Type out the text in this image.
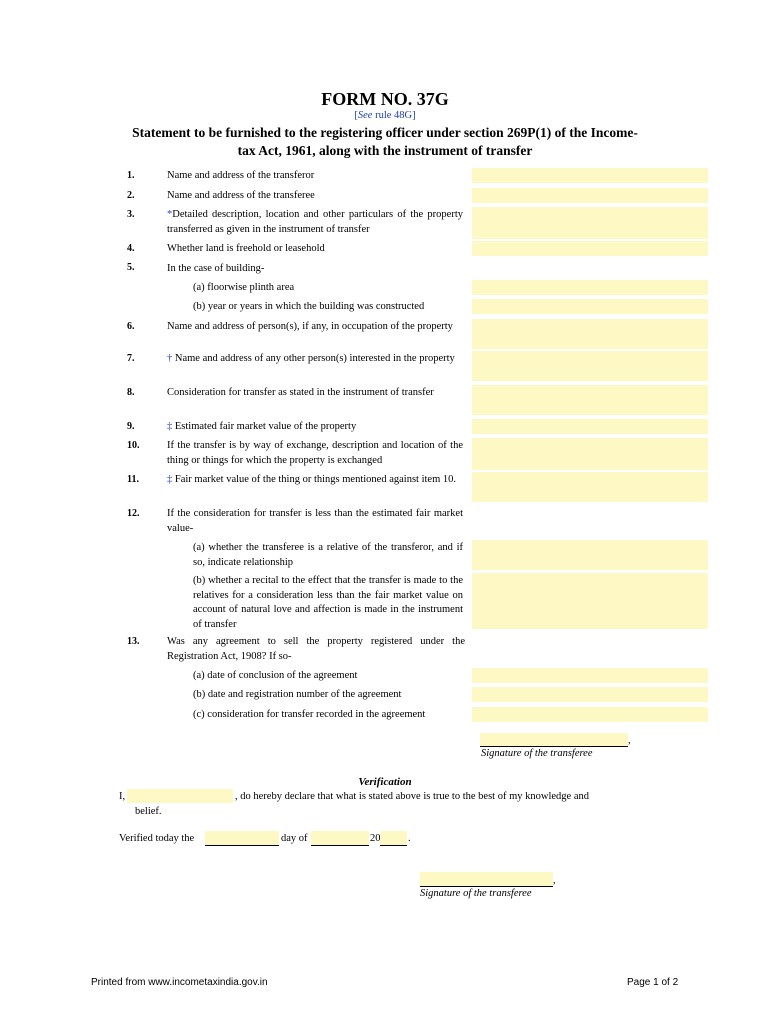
FORM NO. 37G
[See rule 48G]
Statement to be furnished to the registering officer under section 269P(1) of the Income-
tax Act, 1961, along with the instrument of transfer
1.	Name and address of the transferor
2.	Name and address of the transferee
3.	*Detailed description, location and other particulars of the property transferred as given in the instrument of transfer
4.	Whether land is freehold or leasehold
5.	In the case of building-
(a) floorwise plinth area
(b) year or years in which the building was constructed
6.	Name and address of person(s), if any, in occupation of the property
7.	† Name and address of any other person(s) interested in the property
8.	Consideration for transfer as stated in the instrument of transfer
9.	‡ Estimated fair market value of the property
10.	If the transfer is by way of exchange, description and location of the thing or things for which the property is exchanged
11.	‡ Fair market value of the thing or things mentioned against item 10.
12.	If the consideration for transfer is less than the estimated fair market value-
(a) whether the transferee is a relative of the transferor, and if so, indicate relationship
(b) whether a recital to the effect that the transfer is made to the relatives for a consideration less than the fair market value on account of natural love and affection is made in the instrument of transfer
13.	Was any agreement to sell the property registered under the Registration Act, 1908? If so-
(a) date of conclusion of the agreement
(b) date and registration number of the agreement
(c) consideration for transfer recorded in the agreement
,
Signature of the transferee
Verification
I,	, do hereby declare that what is stated above is true to the best of my knowledge and
belief.
Verified today the	day of	20	.
,
Signature of the transferee
Printed from www.incometaxindia.gov.in	Page 1 of 2
